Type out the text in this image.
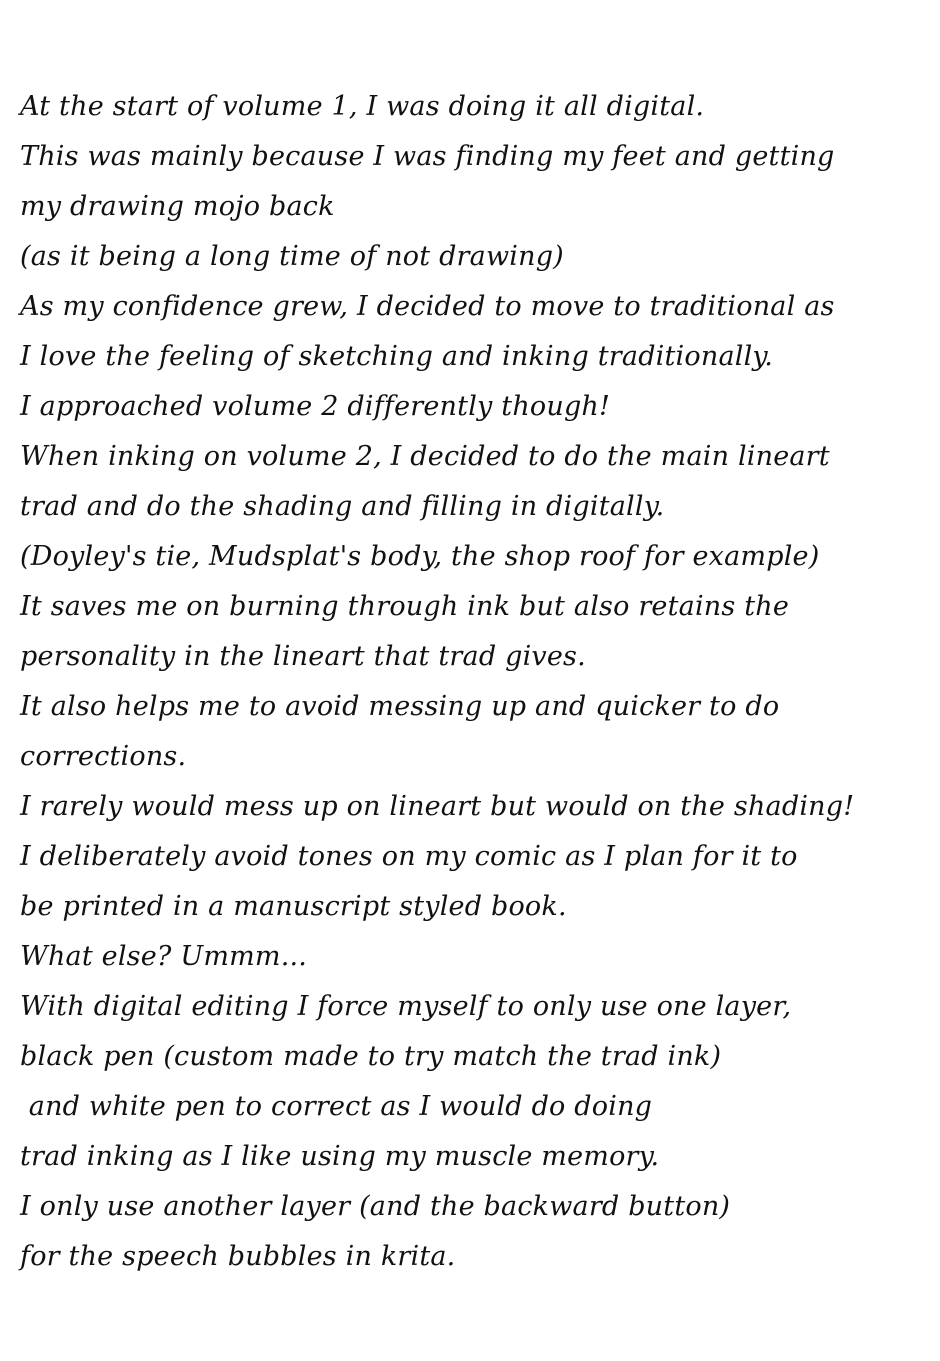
At the start of volume 1, I was doing it all digital.
This was mainly because I was finding my feet and getting
my drawing mojo back
(as it being a long time of not drawing)
As my confidence grew, I decided to move to traditional as
I love the feeling of sketching and inking traditionally.
I approached volume 2 differently though!
When inking on volume 2, I decided to do the main lineart
trad and do the shading and filling in digitally.
(Doyley's tie, Mudsplat's body, the shop roof for example)
It saves me on burning through ink but also retains the
personality in the lineart that trad gives.
It also helps me to avoid messing up and quicker to do
corrections.
I rarely would mess up on lineart but would on the shading!
I deliberately avoid tones on my comic as I plan for it to
be printed in a manuscript styled book.
What else? Ummm...
With digital editing I force myself to only use one layer,
black pen (custom made to try match the trad ink)
and white pen to correct as I would do doing
trad inking as I like using my muscle memory.
I only use another layer (and the backward button)
for the speech bubbles in krita.
